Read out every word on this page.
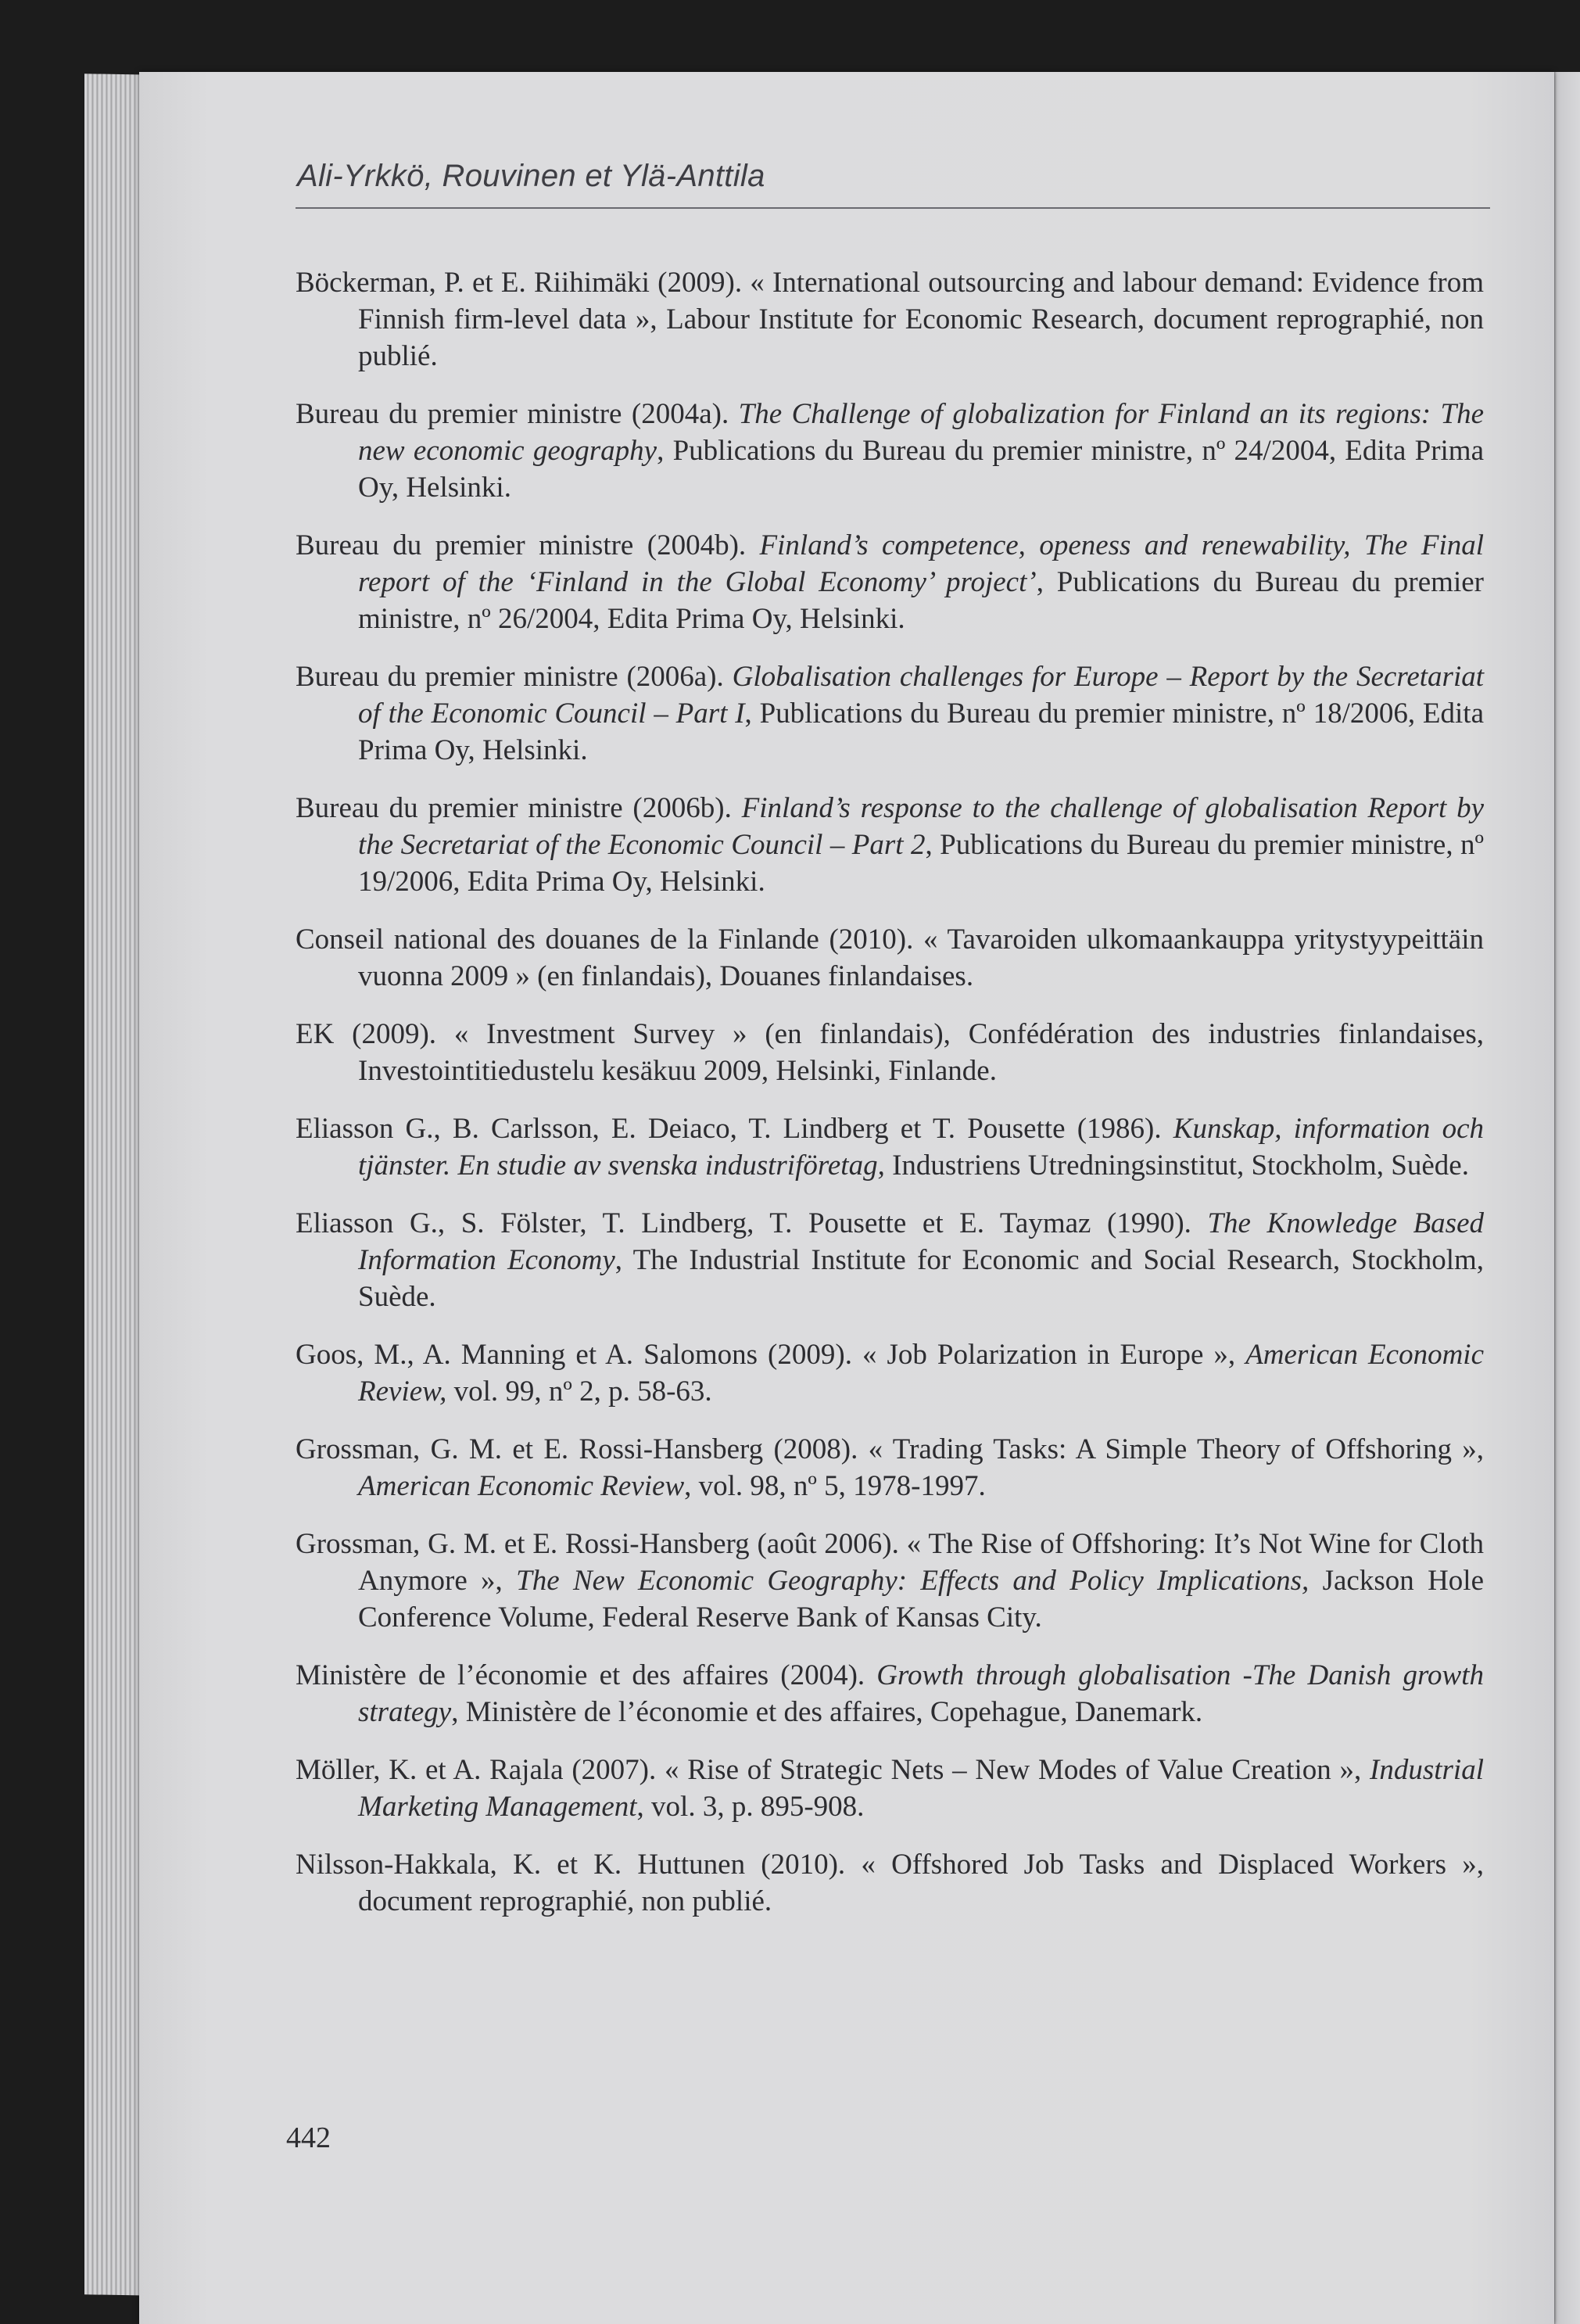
Ali-Yrkkö, Rouvinen et Ylä-Anttila

Böckerman, P. et E. Riihimäki (2009). « International outsourcing and labour demand: Evidence from Finnish firm-level data », Labour Institute for Economic Research, document reprographié, non publié.

Bureau du premier ministre (2004a). The Challenge of globalization for Finland an its regions: The new economic geography, Publications du Bureau du premier ministre, nº 24/2004, Edita Prima Oy, Helsinki.

Bureau du premier ministre (2004b). Finland’s competence, openess and renewability, The Final report of the ‘Finland in the Global Economy’ project’, Publications du Bureau du premier ministre, nº 26/2004, Edita Prima Oy, Helsinki.

Bureau du premier ministre (2006a). Globalisation challenges for Europe – Report by the Secretariat of the Economic Council – Part I, Publications du Bureau du premier ministre, nº 18/2006, Edita Prima Oy, Helsinki.

Bureau du premier ministre (2006b). Finland’s response to the challenge of globalisation Report by the Secretariat of the Economic Council – Part 2, Publications du Bureau du premier ministre, nº 19/2006, Edita Prima Oy, Helsinki.

Conseil national des douanes de la Finlande (2010). « Tavaroiden ulkomaankauppa yritystyypeittäin vuonna 2009 » (en finlandais), Douanes finlandaises.

EK (2009). « Investment Survey » (en finlandais), Confédération des industries finlandaises, Investointitiedustelu kesäkuu 2009, Helsinki, Finlande.

Eliasson G., B. Carlsson, E. Deiaco, T. Lindberg et T. Pousette (1986). Kunskap, information och tjänster. En studie av svenska industriföretag, Industriens Utredningsinstitut, Stockholm, Suède.

Eliasson G., S. Fölster, T. Lindberg, T. Pousette et E. Taymaz (1990). The Knowledge Based Information Economy, The Industrial Institute for Economic and Social Research, Stockholm, Suède.

Goos, M., A. Manning et A. Salomons (2009). « Job Polarization in Europe », American Economic Review, vol. 99, nº 2, p. 58-63.

Grossman, G. M. et E. Rossi-Hansberg (2008). « Trading Tasks: A Simple Theory of Offshoring », American Economic Review, vol. 98, nº 5, 1978-1997.

Grossman, G. M. et E. Rossi-Hansberg (août 2006). « The Rise of Offshoring: It’s Not Wine for Cloth Anymore », The New Economic Geography: Effects and Policy Implications, Jackson Hole Conference Volume, Federal Reserve Bank of Kansas City.

Ministère de l’économie et des affaires (2004). Growth through globalisation -The Danish growth strategy, Ministère de l’économie et des affaires, Copehague, Danemark.

Möller, K. et A. Rajala (2007). « Rise of Strategic Nets – New Modes of Value Creation », Industrial Marketing Management, vol. 3, p. 895-908.

Nilsson-Hakkala, K. et K. Huttunen (2010). « Offshored Job Tasks and Displaced Workers », document reprographié, non publié.

442
